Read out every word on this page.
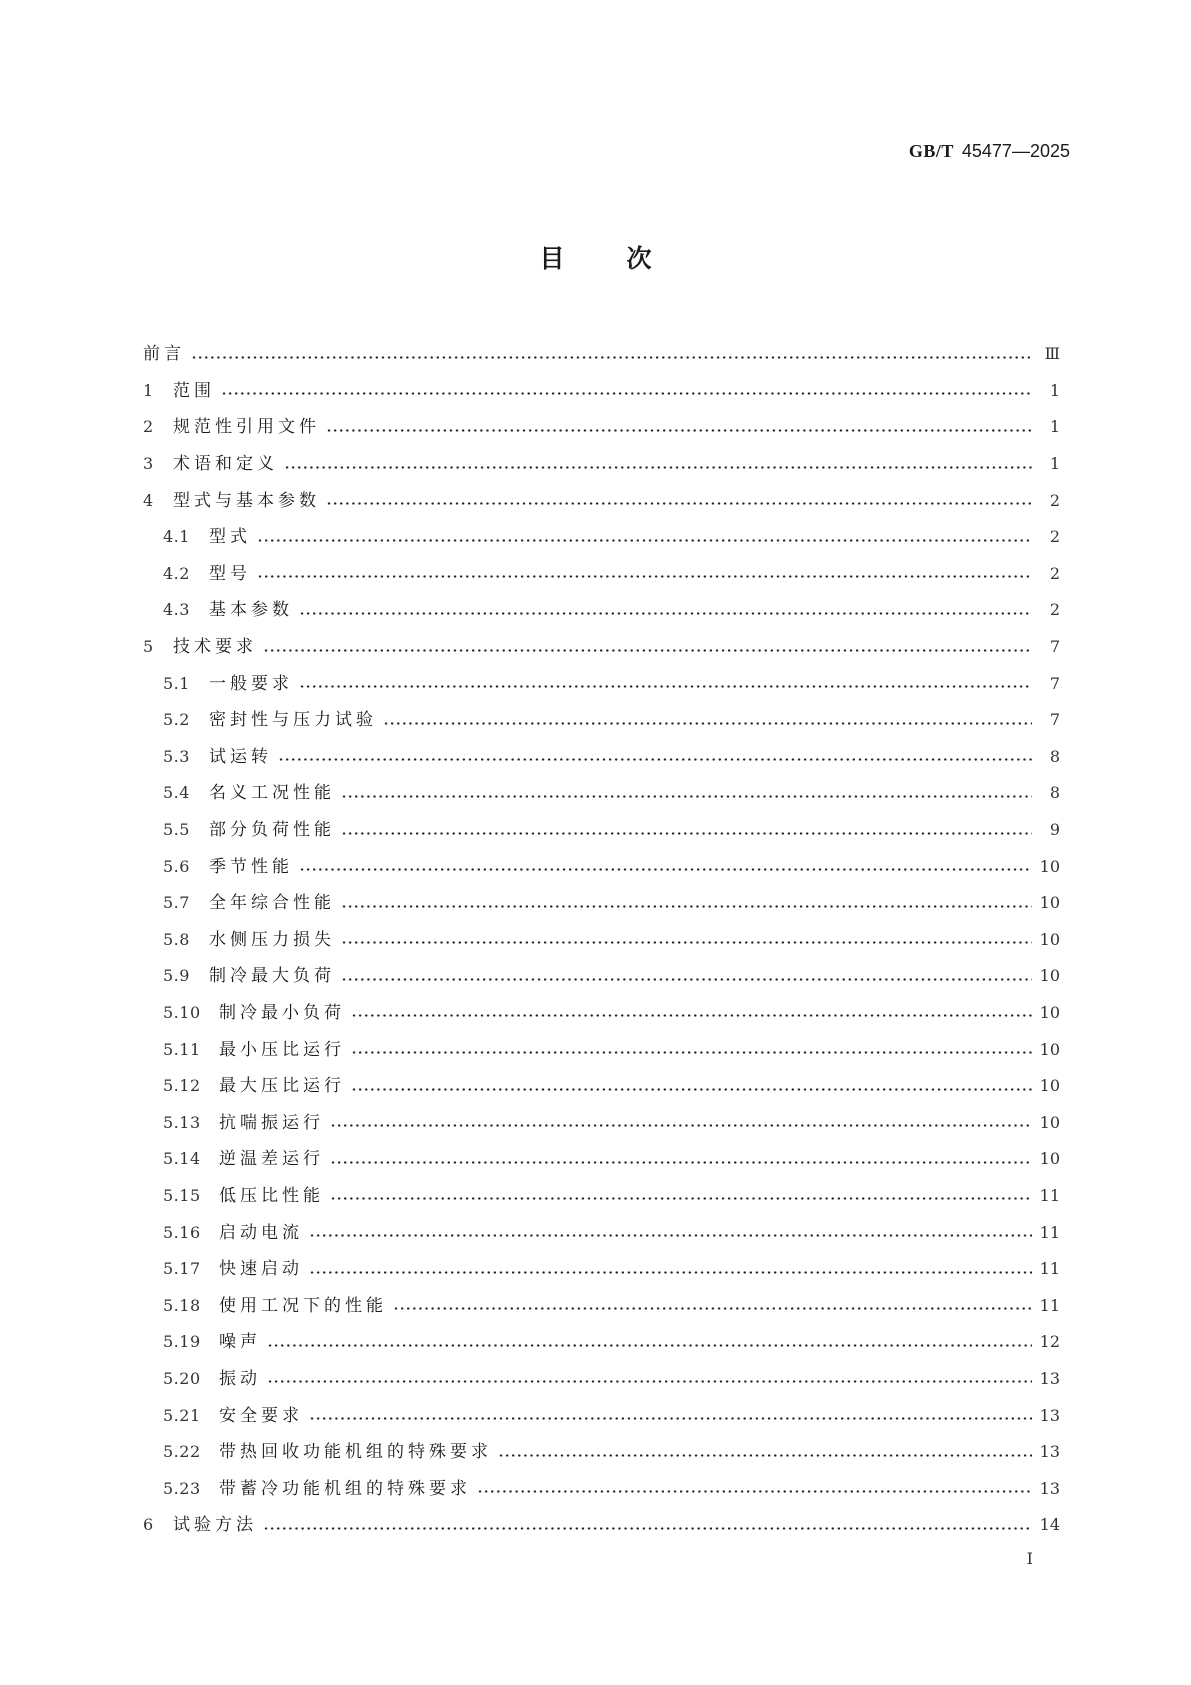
GB/T 45477—2025
目 次
前言	Ⅲ
1	范围	1
2	规范性引用文件	1
3	术语和定义	1
4	型式与基本参数	2
4.1	型式	2
4.2	型号	2
4.3	基本参数	2
5	技术要求	7
5.1	一般要求	7
5.2	密封性与压力试验	7
5.3	试运转	8
5.4	名义工况性能	8
5.5	部分负荷性能	9
5.6	季节性能	10
5.7	全年综合性能	10
5.8	水侧压力损失	10
5.9	制冷最大负荷	10
5.10	制冷最小负荷	10
5.11	最小压比运行	10
5.12	最大压比运行	10
5.13	抗喘振运行	10
5.14	逆温差运行	10
5.15	低压比性能	11
5.16	启动电流	11
5.17	快速启动	11
5.18	使用工况下的性能	11
5.19	噪声	12
5.20	振动	13
5.21	安全要求	13
5.22	带热回收功能机组的特殊要求	13
5.23	带蓄冷功能机组的特殊要求	13
6	试验方法	14
I
